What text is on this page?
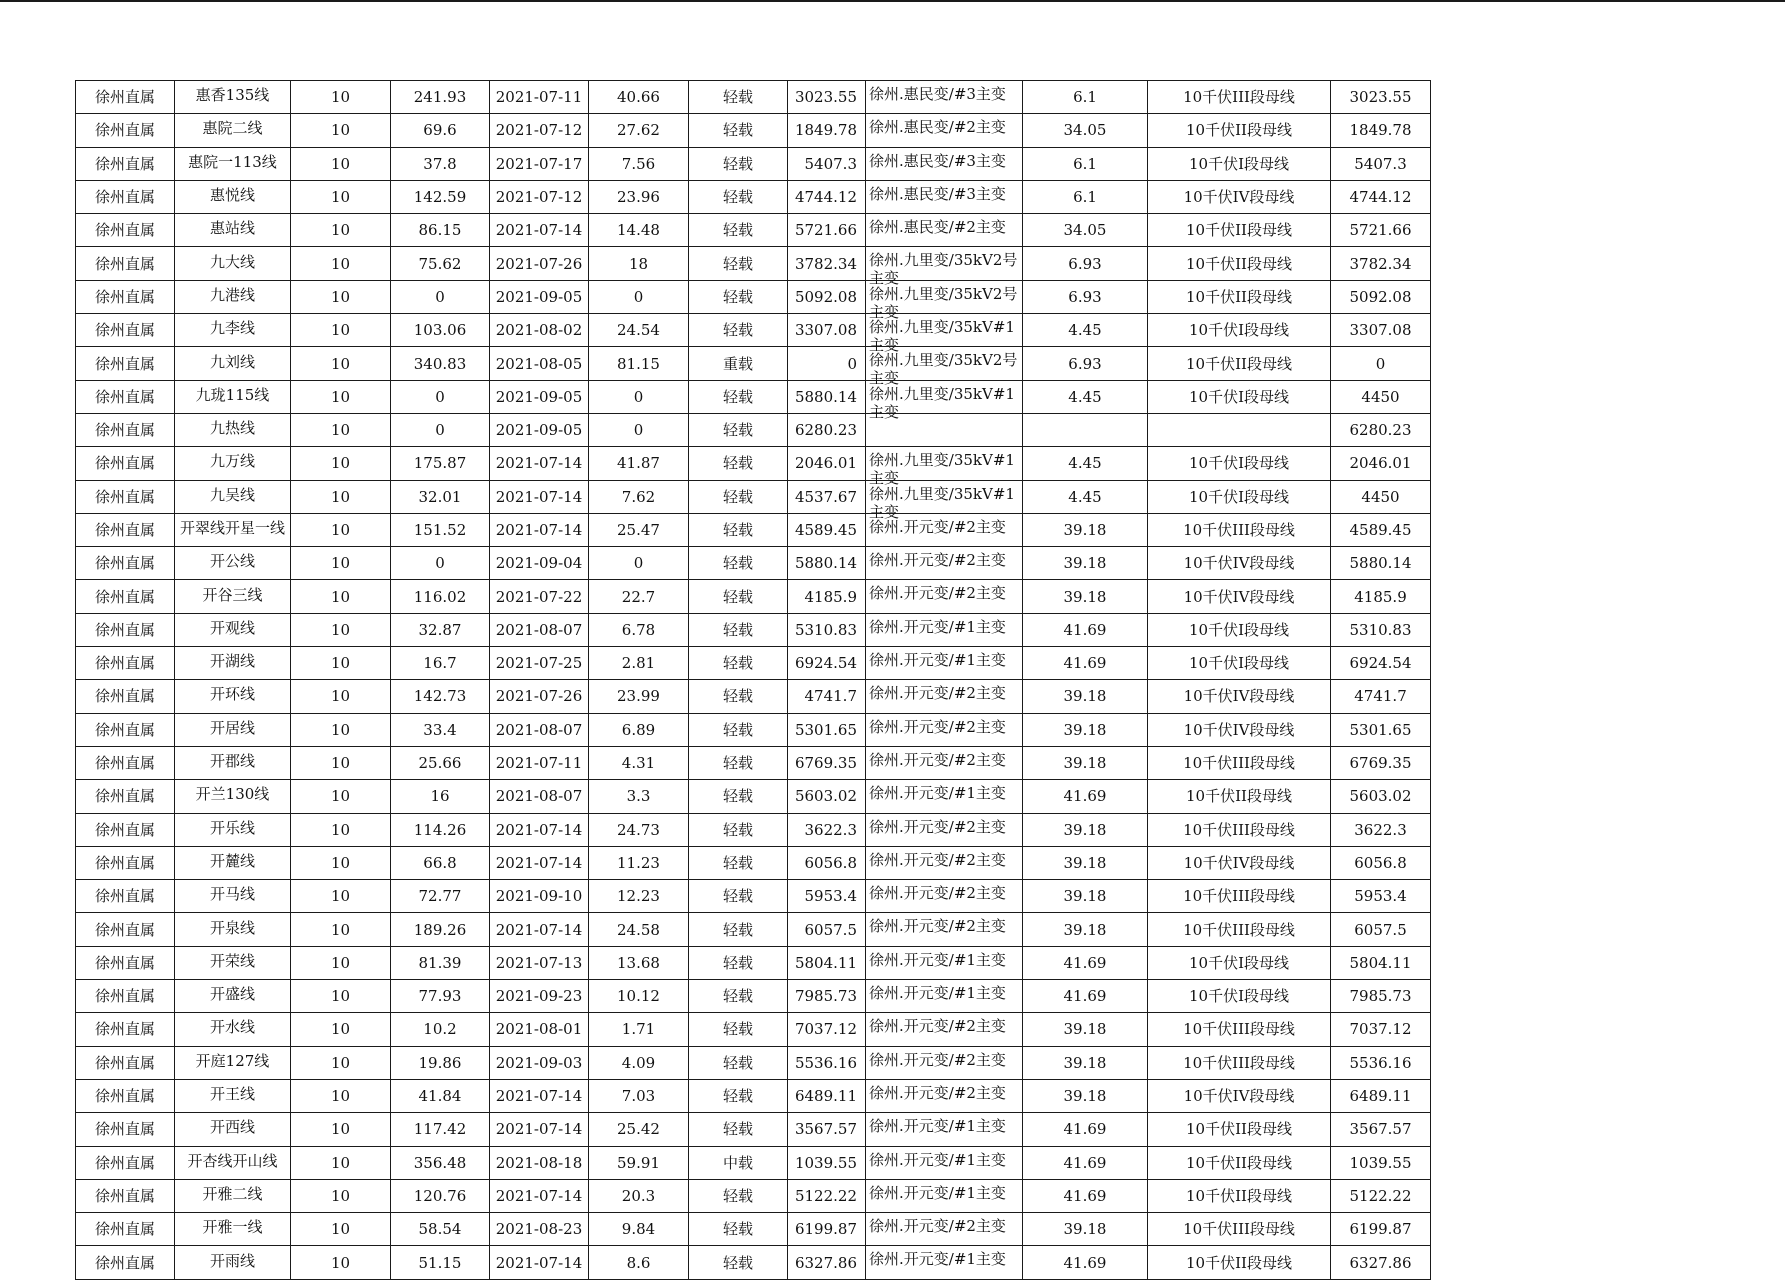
徐州直属	惠香135线	10	241.93	2021-07-11	40.66	轻载	3023.55	徐州.惠民变/#3主变	6.1	10千伏III段母线	3023.55
徐州直属	惠院二线	10	69.6	2021-07-12	27.62	轻载	1849.78	徐州.惠民变/#2主变	34.05	10千伏II段母线	1849.78
徐州直属	惠院一113线	10	37.8	2021-07-17	7.56	轻载	5407.3	徐州.惠民变/#3主变	6.1	10千伏I段母线	5407.3
徐州直属	惠悦线	10	142.59	2021-07-12	23.96	轻载	4744.12	徐州.惠民变/#3主变	6.1	10千伏IV段母线	4744.12
徐州直属	惠站线	10	86.15	2021-07-14	14.48	轻载	5721.66	徐州.惠民变/#2主变	34.05	10千伏II段母线	5721.66
徐州直属	九大线	10	75.62	2021-07-26	18	轻载	3782.34	徐州.九里变/35kV2号主变	6.93	10千伏II段母线	3782.34
徐州直属	九港线	10	0	2021-09-05	0	轻载	5092.08	徐州.九里变/35kV2号主变	6.93	10千伏II段母线	5092.08
徐州直属	九李线	10	103.06	2021-08-02	24.54	轻载	3307.08	徐州.九里变/35kV#1主变	4.45	10千伏I段母线	3307.08
徐州直属	九刘线	10	340.83	2021-08-05	81.15	重载	0	徐州.九里变/35kV2号主变	6.93	10千伏II段母线	0
徐州直属	九珑115线	10	0	2021-09-05	0	轻载	5880.14	徐州.九里变/35kV#1主变	4.45	10千伏I段母线	4450
徐州直属	九热线	10	0	2021-09-05	0	轻载	6280.23				6280.23
徐州直属	九万线	10	175.87	2021-07-14	41.87	轻载	2046.01	徐州.九里变/35kV#1主变	4.45	10千伏I段母线	2046.01
徐州直属	九吴线	10	32.01	2021-07-14	7.62	轻载	4537.67	徐州.九里变/35kV#1主变	4.45	10千伏I段母线	4450
徐州直属	开翠线开星一线	10	151.52	2021-07-14	25.47	轻载	4589.45	徐州.开元变/#2主变	39.18	10千伏III段母线	4589.45
徐州直属	开公线	10	0	2021-09-04	0	轻载	5880.14	徐州.开元变/#2主变	39.18	10千伏IV段母线	5880.14
徐州直属	开谷三线	10	116.02	2021-07-22	22.7	轻载	4185.9	徐州.开元变/#2主变	39.18	10千伏IV段母线	4185.9
徐州直属	开观线	10	32.87	2021-08-07	6.78	轻载	5310.83	徐州.开元变/#1主变	41.69	10千伏I段母线	5310.83
徐州直属	开湖线	10	16.7	2021-07-25	2.81	轻载	6924.54	徐州.开元变/#1主变	41.69	10千伏I段母线	6924.54
徐州直属	开环线	10	142.73	2021-07-26	23.99	轻载	4741.7	徐州.开元变/#2主变	39.18	10千伏IV段母线	4741.7
徐州直属	开居线	10	33.4	2021-08-07	6.89	轻载	5301.65	徐州.开元变/#2主变	39.18	10千伏IV段母线	5301.65
徐州直属	开郡线	10	25.66	2021-07-11	4.31	轻载	6769.35	徐州.开元变/#2主变	39.18	10千伏III段母线	6769.35
徐州直属	开兰130线	10	16	2021-08-07	3.3	轻载	5603.02	徐州.开元变/#1主变	41.69	10千伏II段母线	5603.02
徐州直属	开乐线	10	114.26	2021-07-14	24.73	轻载	3622.3	徐州.开元变/#2主变	39.18	10千伏III段母线	3622.3
徐州直属	开麓线	10	66.8	2021-07-14	11.23	轻载	6056.8	徐州.开元变/#2主变	39.18	10千伏IV段母线	6056.8
徐州直属	开马线	10	72.77	2021-09-10	12.23	轻载	5953.4	徐州.开元变/#2主变	39.18	10千伏III段母线	5953.4
徐州直属	开泉线	10	189.26	2021-07-14	24.58	轻载	6057.5	徐州.开元变/#2主变	39.18	10千伏III段母线	6057.5
徐州直属	开荣线	10	81.39	2021-07-13	13.68	轻载	5804.11	徐州.开元变/#1主变	41.69	10千伏I段母线	5804.11
徐州直属	开盛线	10	77.93	2021-09-23	10.12	轻载	7985.73	徐州.开元变/#1主变	41.69	10千伏I段母线	7985.73
徐州直属	开水线	10	10.2	2021-08-01	1.71	轻载	7037.12	徐州.开元变/#2主变	39.18	10千伏III段母线	7037.12
徐州直属	开庭127线	10	19.86	2021-09-03	4.09	轻载	5536.16	徐州.开元变/#2主变	39.18	10千伏III段母线	5536.16
徐州直属	开王线	10	41.84	2021-07-14	7.03	轻载	6489.11	徐州.开元变/#2主变	39.18	10千伏IV段母线	6489.11
徐州直属	开西线	10	117.42	2021-07-14	25.42	轻载	3567.57	徐州.开元变/#1主变	41.69	10千伏II段母线	3567.57
徐州直属	开杏线开山线	10	356.48	2021-08-18	59.91	中载	1039.55	徐州.开元变/#1主变	41.69	10千伏II段母线	1039.55
徐州直属	开雅二线	10	120.76	2021-07-14	20.3	轻载	5122.22	徐州.开元变/#1主变	41.69	10千伏II段母线	5122.22
徐州直属	开雅一线	10	58.54	2021-08-23	9.84	轻载	6199.87	徐州.开元变/#2主变	39.18	10千伏III段母线	6199.87
徐州直属	开雨线	10	51.15	2021-07-14	8.6	轻载	6327.86	徐州.开元变/#1主变	41.69	10千伏II段母线	6327.86
